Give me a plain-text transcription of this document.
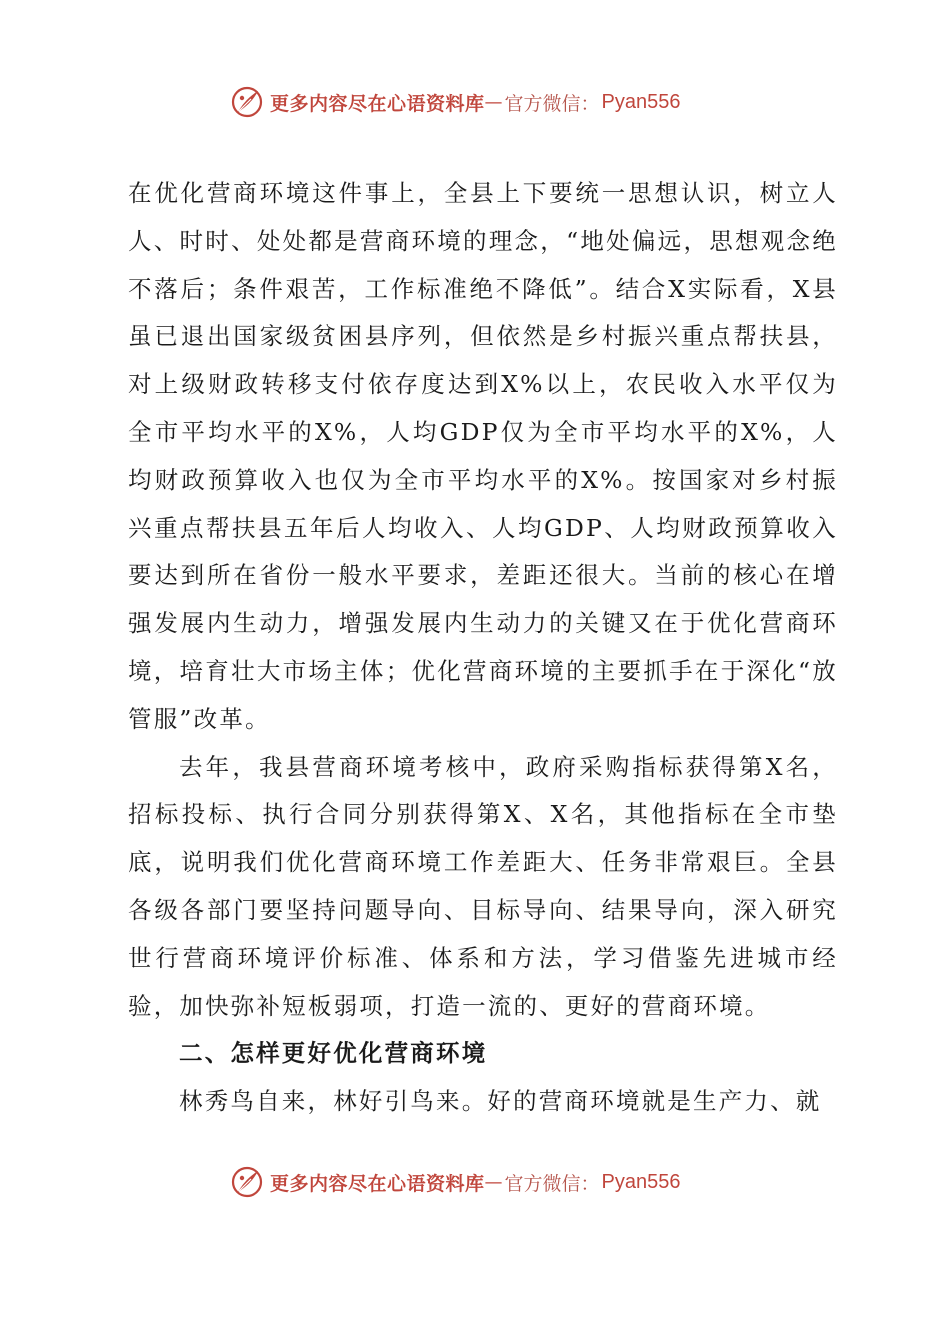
更多内容尽在心语资料库 — 官方微信： Pyan556

在优化营商环境这件事上，全县上下要统一思想认识，树立人人、时时、处处都是营商环境的理念，“地处偏远，思想观念绝不落后；条件艰苦，工作标准绝不降低”。结合X实际看，X县虽已退出国家级贫困县序列，但依然是乡村振兴重点帮扶县，对上级财政转移支付依存度达到X%以上，农民收入水平仅为全市平均水平的X%，人均GDP仅为全市平均水平的X%，人均财政预算收入也仅为全市平均水平的X%。按国家对乡村振兴重点帮扶县五年后人均收入、人均GDP、人均财政预算收入要达到所在省份一般水平要求，差距还很大。当前的核心在增强发展内生动力，增强发展内生动力的关键又在于优化营商环境，培育壮大市场主体；优化营商环境的主要抓手在于深化“放管服”改革。

去年，我县营商环境考核中，政府采购指标获得第X名，招标投标、执行合同分别获得第X、X名，其他指标在全市垫底，说明我们优化营商环境工作差距大、任务非常艰巨。全县各级各部门要坚持问题导向、目标导向、结果导向，深入研究世行营商环境评价标准、体系和方法，学习借鉴先进城市经验，加快弥补短板弱项，打造一流的、更好的营商环境。

二、怎样更好优化营商环境

林秀鸟自来，林好引鸟来。好的营商环境就是生产力、就

更多内容尽在心语资料库 — 官方微信： Pyan556
